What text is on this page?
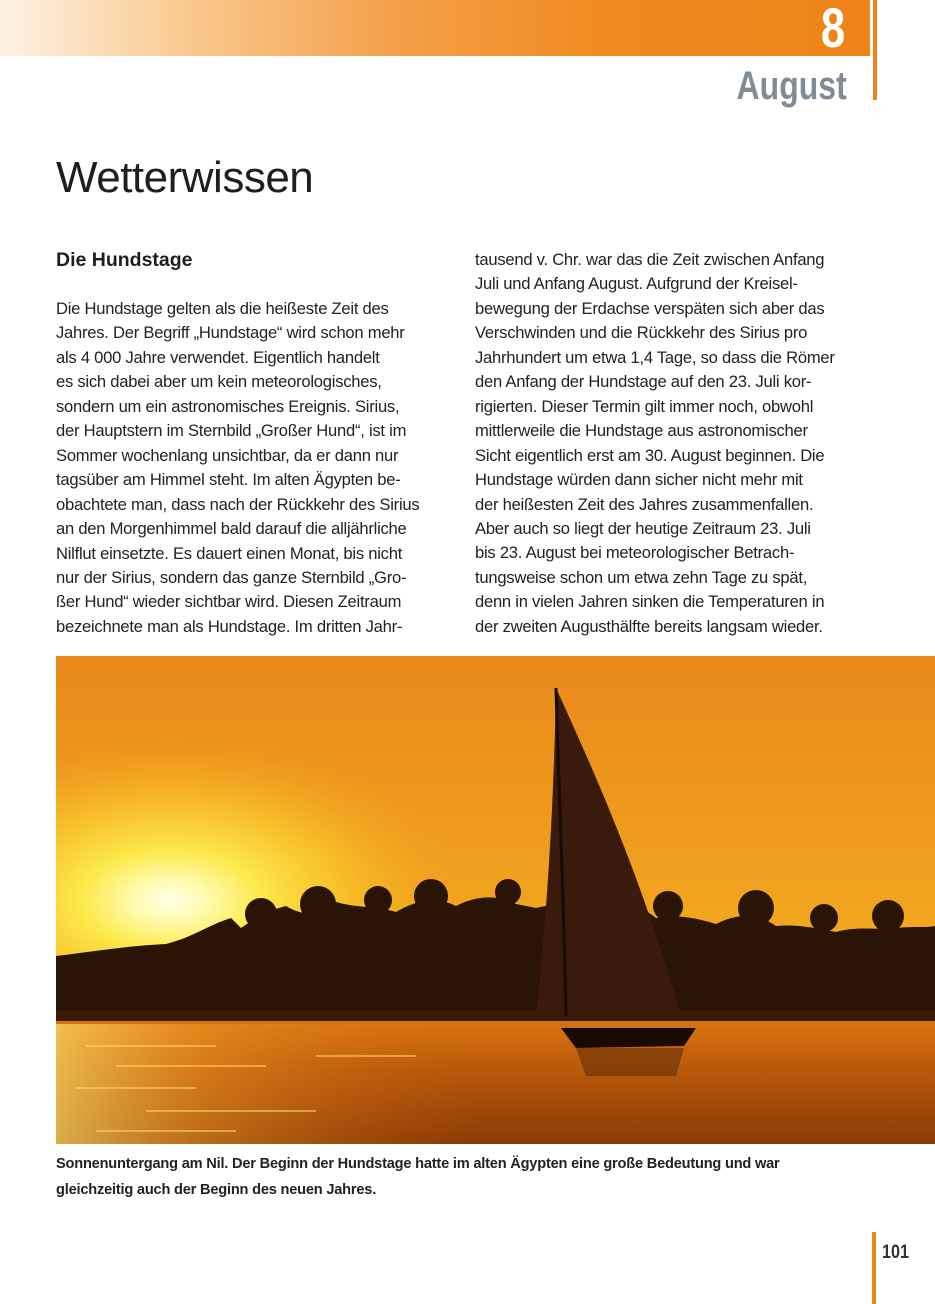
8
August
Wetterwissen
Die Hundstage
Die Hundstage gelten als die heißeste Zeit des
Jahres. Der Begriff „Hundstage“ wird schon mehr
als 4 000 Jahre verwendet. Eigentlich handelt
es sich dabei aber um kein meteorologisches,
sondern um ein astronomisches Ereignis. Sirius,
der Hauptstern im Sternbild „Großer Hund“, ist im
Sommer wochenlang unsichtbar, da er dann nur
tagsüber am Himmel steht. Im alten Ägypten be-
obachtete man, dass nach der Rückkehr des Sirius
an den Morgenhimmel bald darauf die alljährliche
Nilflut einsetzte. Es dauert einen Monat, bis nicht
nur der Sirius, sondern das ganze Sternbild „Gro-
ßer Hund“ wieder sichtbar wird. Diesen Zeitraum
bezeichnete man als Hundstage. Im dritten Jahr-
tausend v. Chr. war das die Zeit zwischen Anfang
Juli und Anfang August. Aufgrund der Kreisel-
bewegung der Erdachse verspäten sich aber das
Verschwinden und die Rückkehr des Sirius pro
Jahrhundert um etwa 1,4 Tage, so dass die Römer
den Anfang der Hundstage auf den 23. Juli kor-
rigierten. Dieser Termin gilt immer noch, obwohl
mittlerweile die Hundstage aus astronomischer
Sicht eigentlich erst am 30. August beginnen. Die
Hundstage würden dann sicher nicht mehr mit
der heißesten Zeit des Jahres zusammenfallen.
Aber auch so liegt der heutige Zeitraum 23. Juli
bis 23. August bei meteorologischer Betrach-
tungsweise schon um etwa zehn Tage zu spät,
denn in vielen Jahren sinken die Temperaturen in
der zweiten Augusthälfte bereits langsam wieder.
Sonnenuntergang am Nil. Der Beginn der Hundstage hatte im alten Ägypten eine große Bedeutung und war
gleichzeitig auch der Beginn des neuen Jahres.
101
